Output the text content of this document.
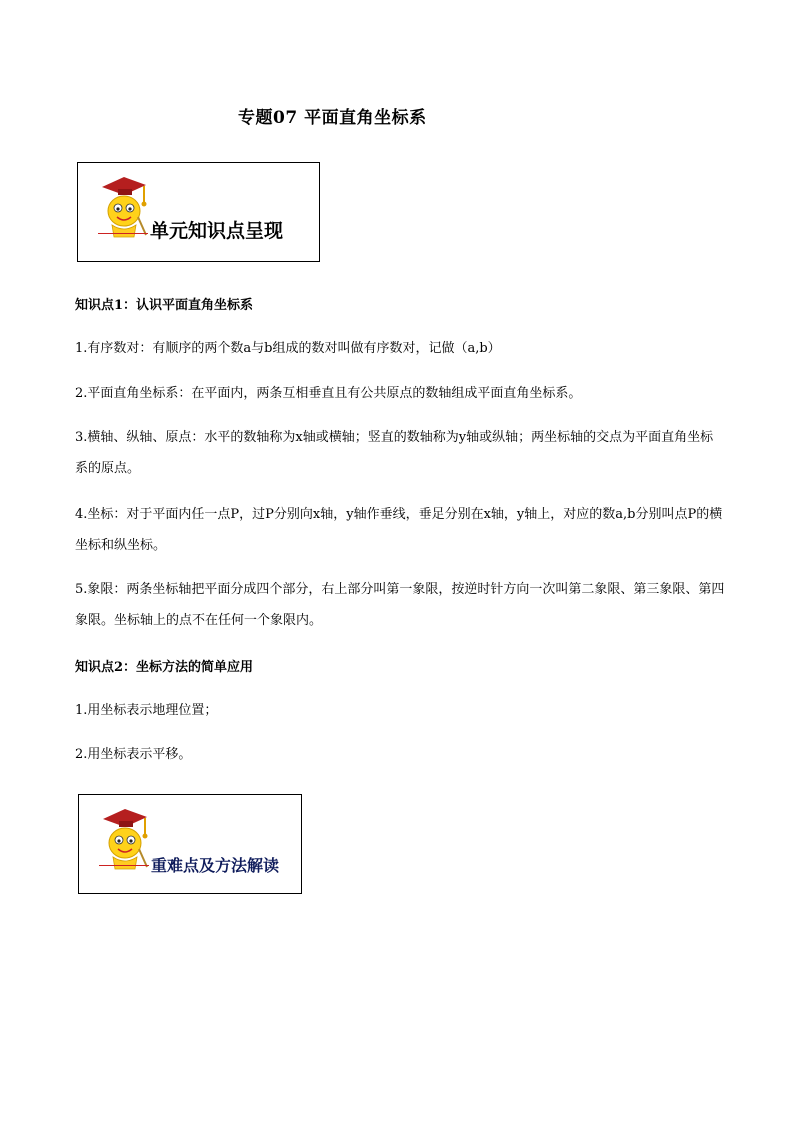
专题07 平面直角坐标系
单元知识点呈现
知识点1：认识平面直角坐标系
1.有序数对：有顺序的两个数a与b组成的数对叫做有序数对，记做（a,b）
2.平面直角坐标系：在平面内，两条互相垂直且有公共原点的数轴组成平面直角坐标系。
3.横轴、纵轴、原点：水平的数轴称为x轴或横轴；竖直的数轴称为y轴或纵轴；两坐标轴的交点为平面直角坐标系的原点。
4.坐标：对于平面内任一点P，过P分别向x轴，y轴作垂线，垂足分别在x轴，y轴上，对应的数a,b分别叫点P的横坐标和纵坐标。
5.象限：两条坐标轴把平面分成四个部分，右上部分叫第一象限，按逆时针方向一次叫第二象限、第三象限、第四象限。坐标轴上的点不在任何一个象限内。
知识点2：坐标方法的简单应用
1.用坐标表示地理位置；
2.用坐标表示平移。
重难点及方法解读
